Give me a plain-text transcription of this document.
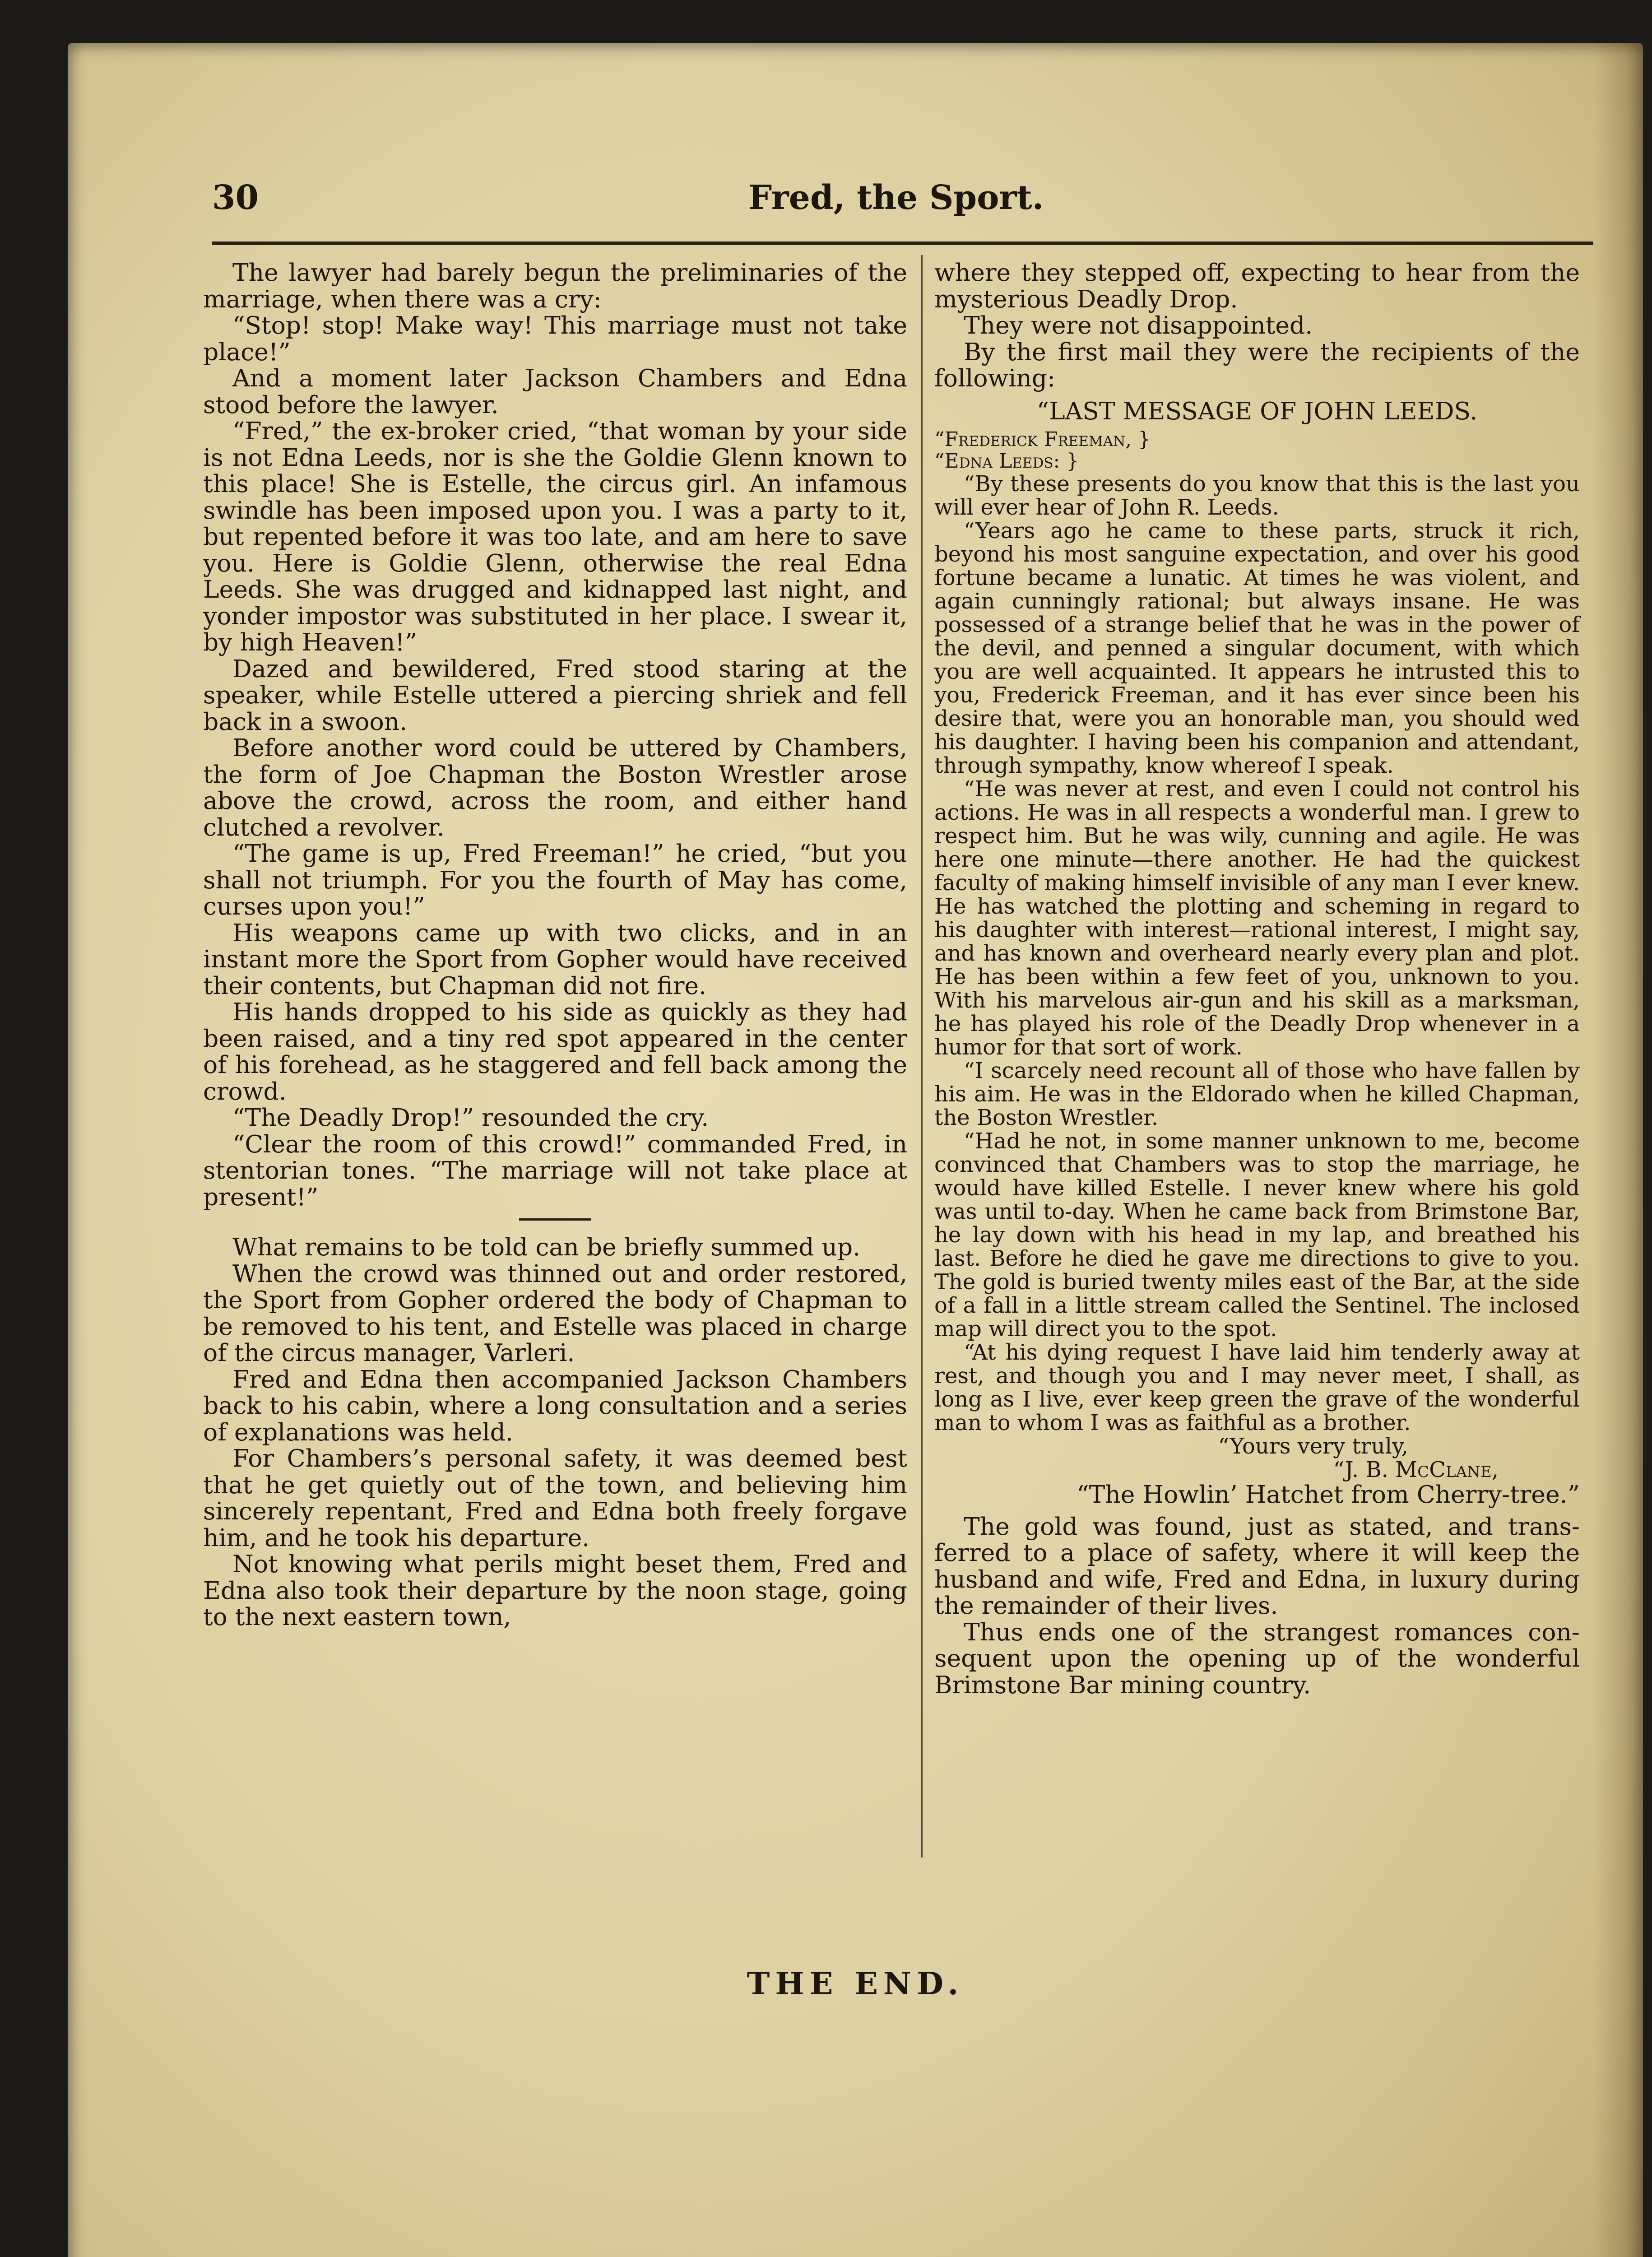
Fred, the Sport.
30

The lawyer had barely begun the preliminaries of the marriage, when there was a cry:

“Stop! stop! Make way! This marriage must not take place!”

And a moment later Jackson Chambers and Edna stood before the lawyer.

“Fred,” the ex-broker cried, “that woman by your side is not Edna Leeds, nor is she the Goldie Glenn known to this place! She is Estelle, the circus girl. An infamous swindle has been imposed upon you. I was a party to it, but repented before it was too late, and am here to save you. Here is Goldie Glenn, otherwise the real Edna Leeds. She was drugged and kidnapped last night, and yonder impostor was substituted in her place. I swear it, by high Heaven!”

Dazed and bewildered, Fred stood staring at the speaker, while Estelle uttered a piercing shriek and fell back in a swoon.

Before another word could be uttered by Chambers, the form of Joe Chapman the Boston Wrestler arose above the crowd, across the room, and either hand clutched a revolver.

“The game is up, Fred Freeman!” he cried, “but you shall not triumph. For you the fourth of May has come, curses upon you!”

His weapons came up with two clicks, and in an instant more the Sport from Gopher would have received their contents, but Chapman did not fire.

His hands dropped to his side as quickly as they had been raised, and a tiny red spot appeared in the center of his forehead, as he staggered and fell back among the crowd.

“The Deadly Drop!” resounded the cry.

“Clear the room of this crowd!” commanded Fred, in stentorian tones. “The marriage will not take place at present!”

What remains to be told can be briefly summed up.

When the crowd was thinned out and order restored, the Sport from Gopher ordered the body of Chapman to be removed to his tent, and Estelle was placed in charge of the circus manager, Varleri.

Fred and Edna then accompanied Jackson Chambers back to his cabin, where a long consultation and a series of explanations was held.

For Chambers’s personal safety, it was deemed best that he get quietly out of the town, and believing him sincerely repentant, Fred and Edna both freely forgave him, and he took his departure.

Not knowing what perils might beset them, Fred and Edna also took their departure by the noon stage, going to the next eastern town,

where they stepped off, expecting to hear from the mysterious Deadly Drop.

They were not disappointed.

By the first mail they were the recipients of the following:

“LAST MESSAGE OF JOHN LEEDS.

“Frederick Freeman, }

“Edna Leeds: }

“By these presents do you know that this is the last you will ever hear of John R. Leeds.

“Years ago he came to these parts, struck it rich, beyond his most sanguine expectation, and over his good fortune became a lunatic. At times he was violent, and again cunningly rational; but always insane. He was possessed of a strange belief that he was in the power of the devil, and penned a singular document, with which you are well acquainted. It appears he intrusted this to you, Frederick Freeman, and it has ever since been his desire that, were you an honorable man, you should wed his daughter. I having been his companion and attendant, through sympathy, know whereof I speak.

“He was never at rest, and even I could not control his actions. He was in all respects a wonderful man. I grew to respect him. But he was wily, cunning and agile. He was here one minute—there another. He had the quickest faculty of making himself invisible of any man I ever knew. He has watched the plotting and scheming in regard to his daughter with interest—rational interest, I might say, and has known and overheard nearly every plan and plot. He has been within a few feet of you, unknown to you. With his marvelous air-gun and his skill as a marksman, he has played his role of the Deadly Drop whenever in a humor for that sort of work.

“I scarcely need recount all of those who have fallen by his aim. He was in the Eldorado when he killed Chapman, the Boston Wrestler.

“Had he not, in some manner unknown to me, become convinced that Chambers was to stop the marriage, he would have killed Estelle. I never knew where his gold was until to-day. When he came back from Brimstone Bar, he lay down with his head in my lap, and breathed his last. Before he died he gave me directions to give to you. The gold is buried twenty miles east of the Bar, at the side of a fall in a little stream called the Sentinel. The inclosed map will direct you to the spot.

“At his dying request I have laid him tenderly away at rest, and though you and I may never meet, I shall, as long as I live, ever keep green the grave of the wonderful man to whom I was as faithful as a brother.

“Yours very truly,

“J. B. McClane,

“The Howlin’ Hatchet from Cherry-tree.”

The gold was found, just as stated, and transferred to a place of safety, where it will keep the husband and wife, Fred and Edna, in luxury during the remainder of their lives.

Thus ends one of the strangest romances consequent upon the opening up of the wonderful Brimstone Bar mining country.

THE END.
